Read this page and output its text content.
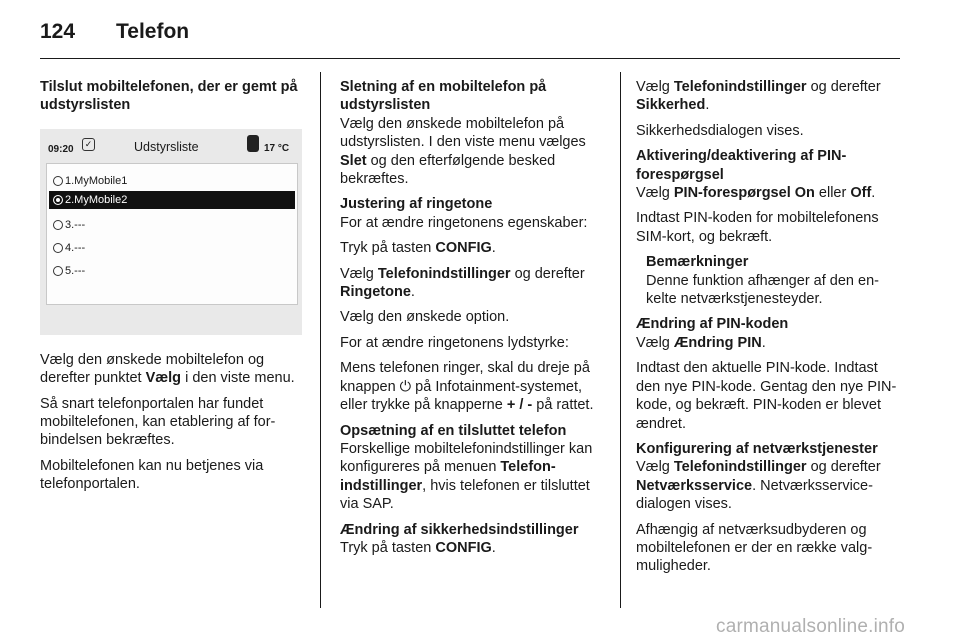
124 Telefon
Tilslut mobiltelefonen, der er gemt på udstyrslisten
09:20	✓	Udstyrsliste	17 °C
1.MyMobile1
2.MyMobile2
3.---
4.---
5.---

Vælg den ønskede mobiltelefon og derefter punktet Vælg i den viste menu.

Så snart telefonportalen har fundet mobiltelefonen, kan etablering af forbindelsen bekræftes.

Mobiltelefonen kan nu betjenes via telefonportalen.

Sletning af en mobiltelefon på udstyrslisten

Vælg den ønskede mobiltelefon på udstyrslisten. I den viste menu vælges Slet og den efterfølgende besked bekræftes.

Justering af ringetone

For at ændre ringetonens egenskaber:

Tryk på tasten CONFIG.

Vælg Telefonindstillinger og derefter Ringetone.

Vælg den ønskede option.

For at ændre ringetonens lydstyrke:

Mens telefonen ringer, skal du dreje på knappen ⏻ på Infotainment-systemet, eller trykke på knapperne + / - på rattet.

Opsætning af en tilsluttet telefon

Forskellige mobiltelefonindstillinger kan konfigureres på menuen Telefonindstillinger, hvis telefonen er tilsluttet via SAP.

Ændring af sikkerhedsindstillinger

Tryk på tasten CONFIG.

Vælg Telefonindstillinger og derefter Sikkerhed.

Sikkerhedsdialogen vises.

Aktivering/deaktivering af PIN-forespørgsel

Vælg PIN-forespørgsel On eller Off.

Indtast PIN-koden for mobiltelefonens SIM-kort, og bekræft.

Bemærkninger
Denne funktion afhænger af den enkelte netværkstjenesteyder.

Ændring af PIN-koden

Vælg Ændring PIN.

Indtast den aktuelle PIN-kode. Indtast den nye PIN-kode. Gentag den nye PIN-kode, og bekræft. PIN-koden er blevet ændret.

Konfigurering af netværkstjenester

Vælg Telefonindstillinger og derefter Netværksservice. Netværksservicedialogen vises.

Afhængig af netværksudbyderen og mobiltelefonen er der en række valgmuligheder.

carmanualsonline.info
